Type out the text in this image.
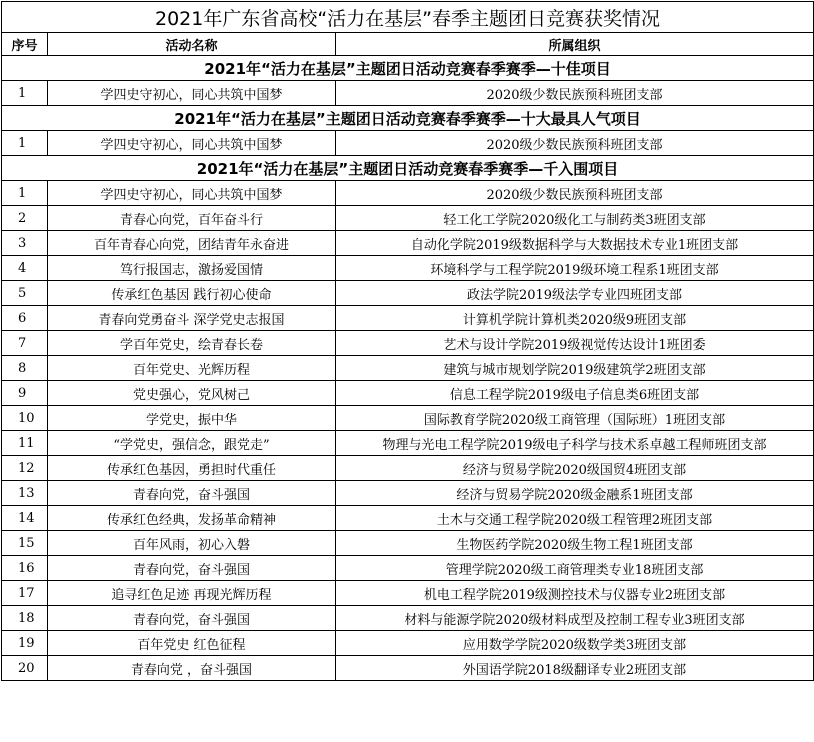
2021年广东省高校“活力在基层”春季主题团日竞赛获奖情况		
序号	活动名称	所属组织
2021年“活力在基层”主题团日活动竞赛春季赛季—十佳项目		
1	学四史守初心，同心共筑中国梦	2020级少数民族预科班团支部
2021年“活力在基层”主题团日活动竞赛春季赛季—十大最具人气项目		
1	学四史守初心，同心共筑中国梦	2020级少数民族预科班团支部
2021年“活力在基层”主题团日活动竞赛春季赛季—千入围项目		
1	学四史守初心，同心共筑中国梦	2020级少数民族预科班团支部
2	青春心向党，百年奋斗行	轻工化工学院2020级化工与制药类3班团支部
3	百年青春心向党，团结青年永奋进	自动化学院2019级数据科学与大数据技术专业1班团支部
4	笃行报国志，激扬爱国情	环境科学与工程学院2019级环境工程系1班团支部
5	传承红色基因 践行初心使命	政法学院2019级法学专业四班团支部
6	青春向党勇奋斗 深学党史志报国	计算机学院计算机类2020级9班团支部
7	学百年党史，绘青春长卷	艺术与设计学院2019级视觉传达设计1班团委
8	百年党史、光辉历程	建筑与城市规划学院2019级建筑学2班团支部
9	党史强心，党风树己	信息工程学院2019级电子信息类6班团支部
10	学党史，振中华	国际教育学院2020级工商管理（国际班）1班团支部
11	“学党史，强信念，跟党走”	物理与光电工程学院2019级电子科学与技术系卓越工程师班团支部
12	传承红色基因，勇担时代重任	经济与贸易学院2020级国贸4班团支部
13	青春向党，奋斗强国	经济与贸易学院2020级金融系1班团支部
14	传承红色经典，发扬革命精神	土木与交通工程学院2020级工程管理2班团支部
15	百年风雨，初心入磐	生物医药学院2020级生物工程1班团支部
16	青春向党，奋斗强国	管理学院2020级工商管理类专业18班团支部
17	追寻红色足迹 再现光辉历程	机电工程学院2019级测控技术与仪器专业2班团支部
18	青春向党，奋斗强国	材料与能源学院2020级材料成型及控制工程专业3班团支部
19	百年党史 红色征程	应用数学学院2020级数学类3班团支部
20	青春向党 ，奋斗强国	外国语学院2018级翻译专业2班团支部
